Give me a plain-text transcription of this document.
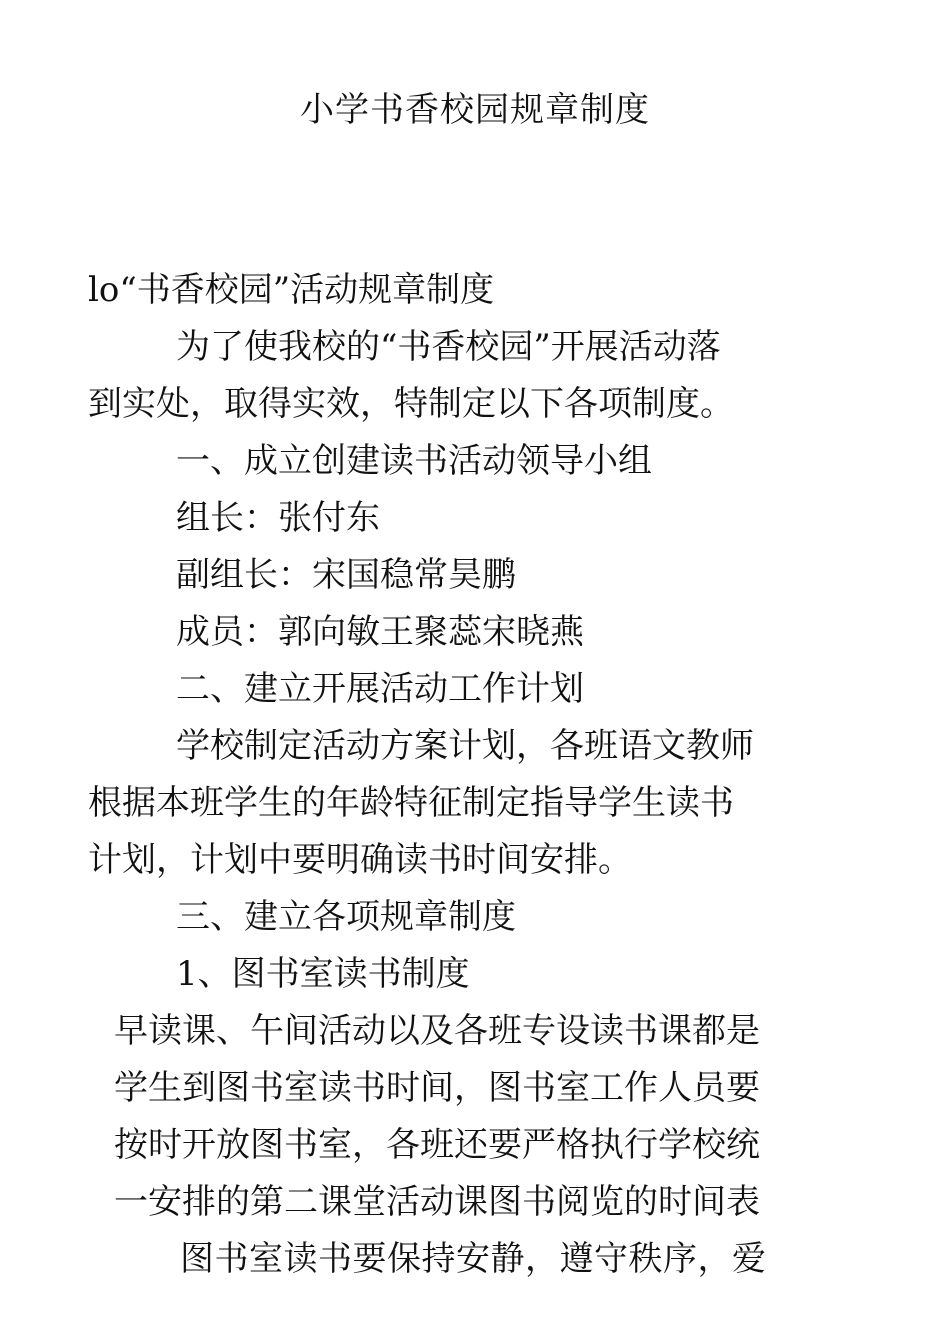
小学书香校园规章制度
lo“书香校园”活动规章制度
为了使我校的“书香校园”开展活动落
到实处，取得实效，特制定以下各项制度。
一、成立创建读书活动领导小组
组长：张付东
副组长：宋国稳常昊鹏
成员：郭向敏王聚蕊宋晓燕
二、建立开展活动工作计划
学校制定活动方案计划，各班语文教师
根据本班学生的年龄特征制定指导学生读书
计划，计划中要明确读书时间安排。
三、建立各项规章制度
1、图书室读书制度
早读课、午间活动以及各班专设读书课都是
学生到图书室读书时间，图书室工作人员要
按时开放图书室，各班还要严格执行学校统
一安排的第二课堂活动课图书阅览的时间表
图书室读书要保持安静，遵守秩序，爱
